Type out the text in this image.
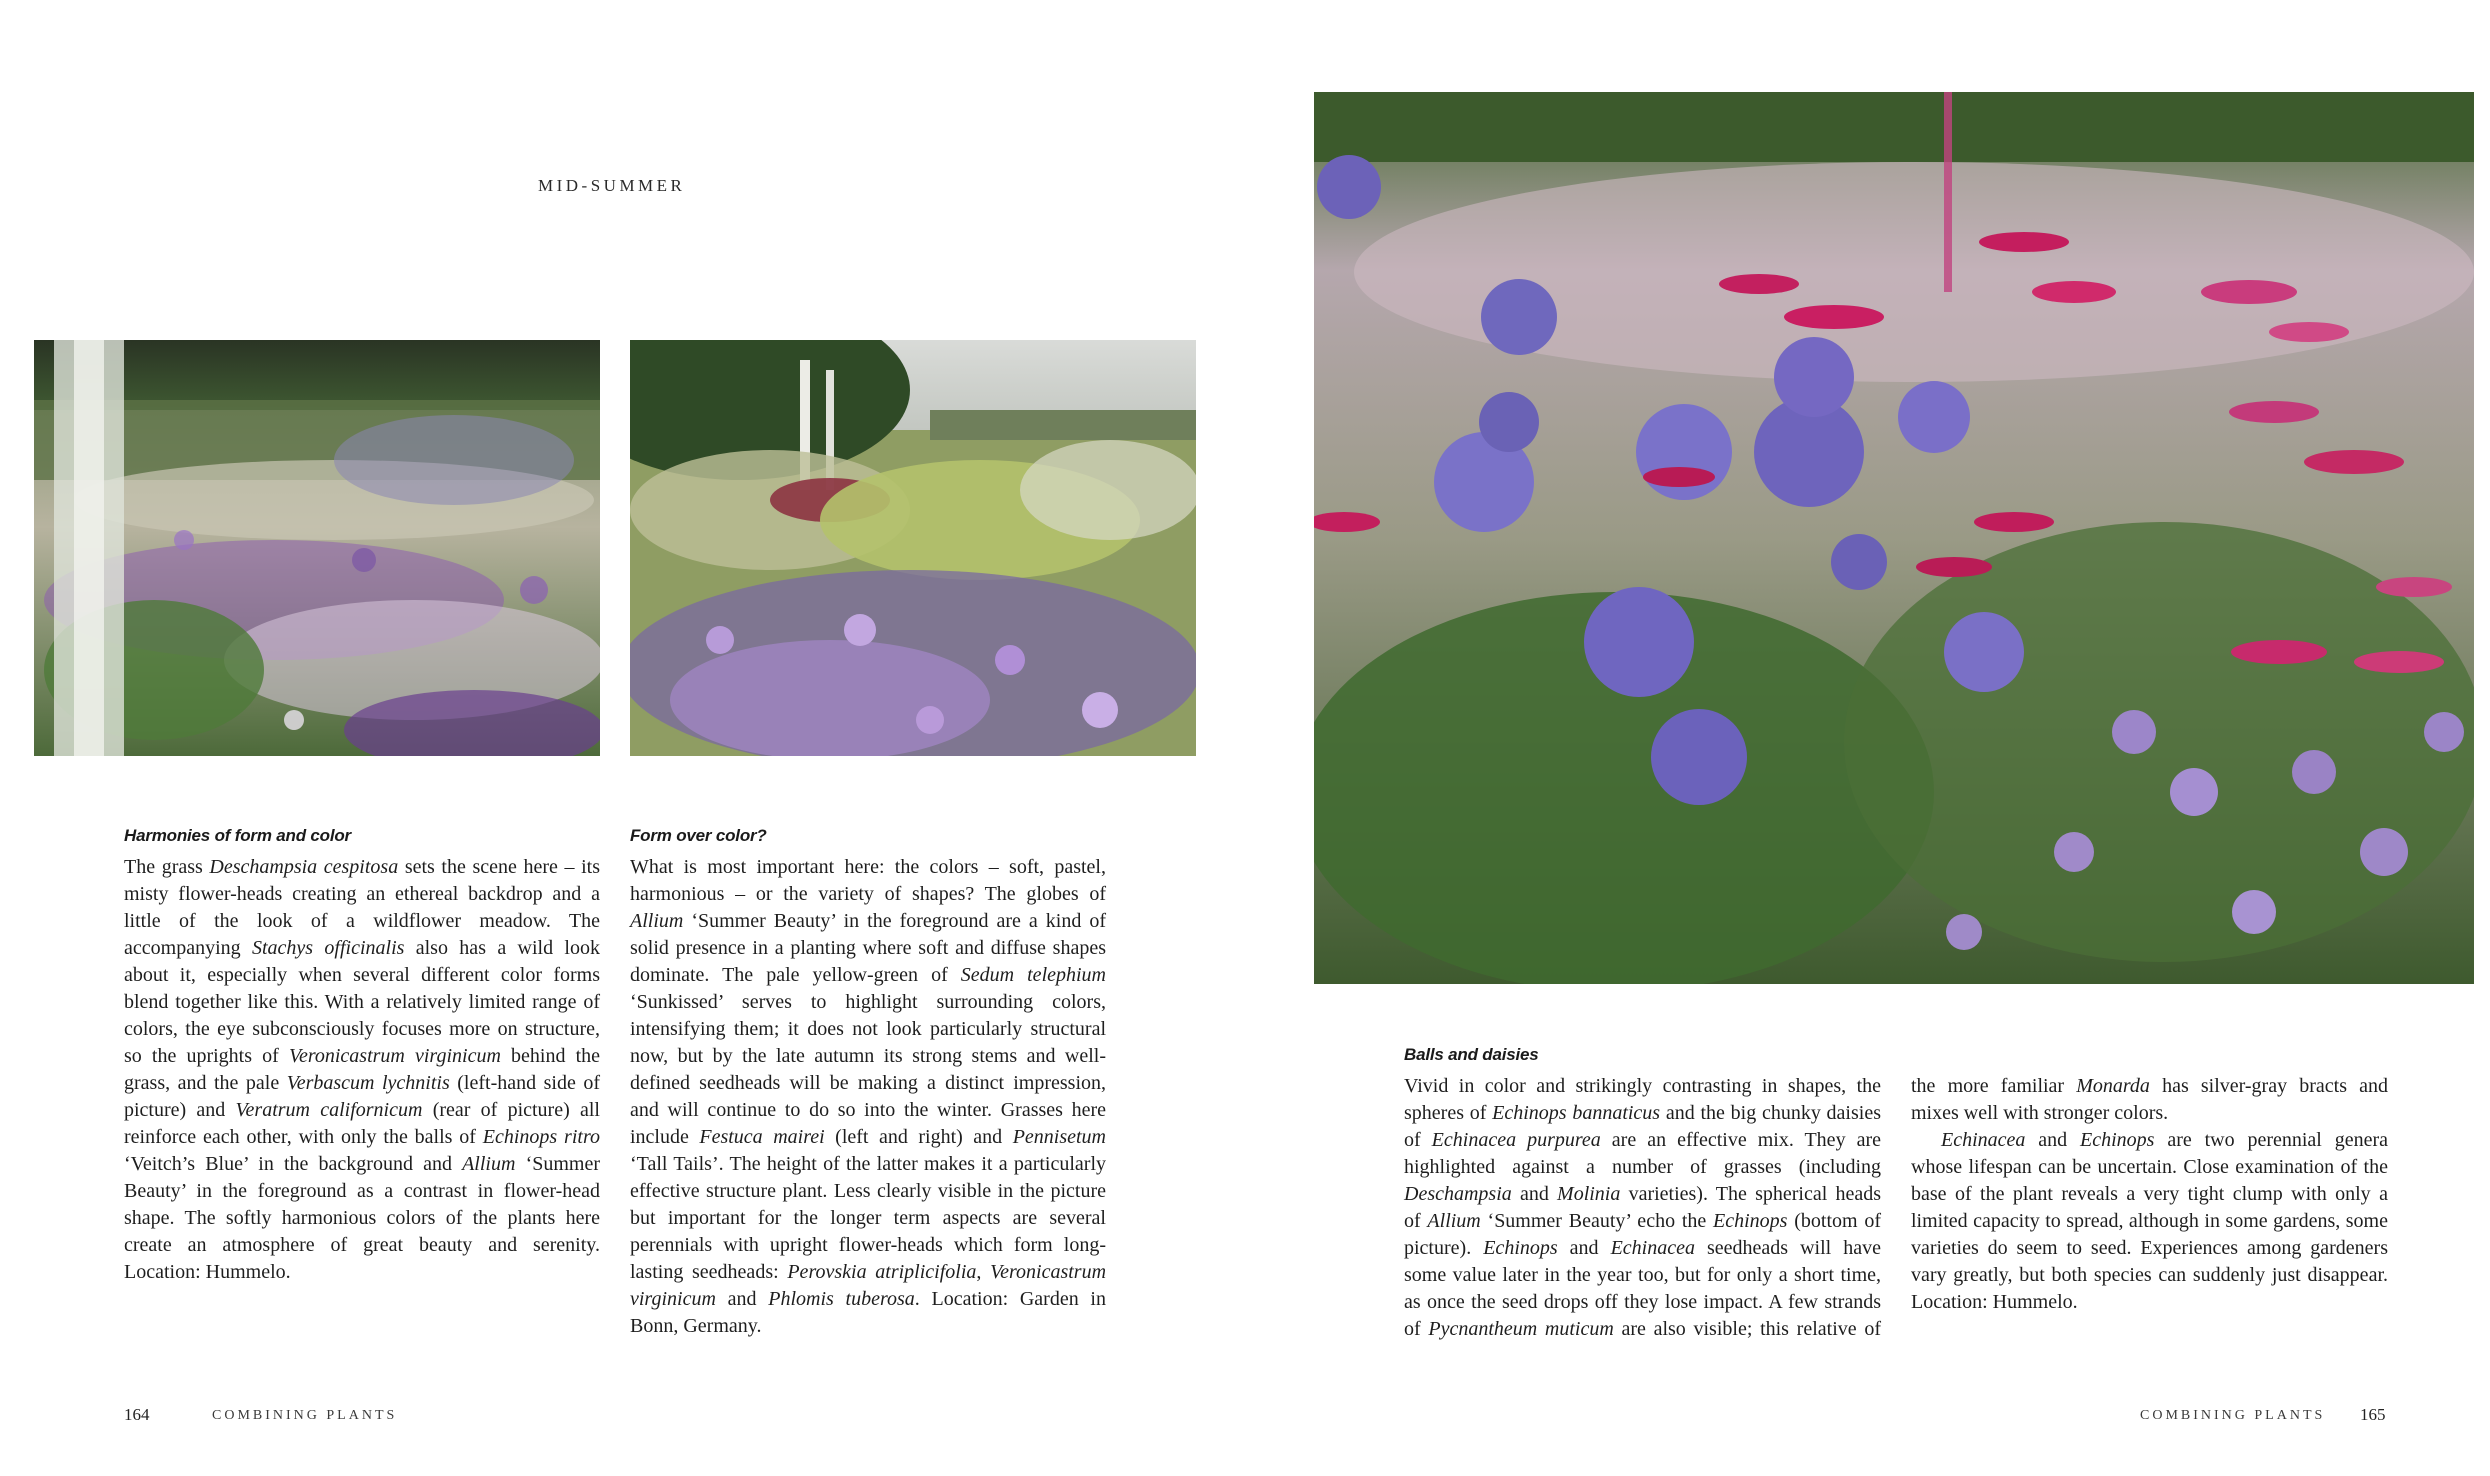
MID-SUMMER
Harmonies of form and color

The grass Deschampsia cespitosa sets the scene here – its misty flower-heads creating an ethereal backdrop and a little of the look of a wildflower meadow. The accompanying Stachys officinalis also has a wild look about it, especially when several different color forms blend together like this. With a relatively limited range of colors, the eye subconsciously focuses more on structure, so the uprights of Veronicastrum virginicum behind the grass, and the pale Verbascum lychnitis (left-hand side of picture) and Veratrum californicum (rear of picture) all reinforce each other, with only the balls of Echinops ritro ‘Veitch’s Blue’ in the background and Allium ‘Summer Beauty’ in the foreground as a contrast in flower-head shape. The softly harmonious colors of the plants here create an atmosphere of great beauty and serenity. Location: Hummelo.

Form over color?

What is most important here: the colors – soft, pastel, harmonious – or the variety of shapes? The globes of Allium ‘Summer Beauty’ in the foreground are a kind of solid presence in a planting where soft and diffuse shapes dominate. The pale yellow-green of Sedum telephium ‘Sunkissed’ serves to highlight surrounding colors, intensifying them; it does not look particularly structural now, but by the late autumn its strong stems and well-defined seedheads will be making a distinct impression, and will continue to do so into the winter. Grasses here include Festuca mairei (left and right) and Pennisetum ‘Tall Tails’. The height of the latter makes it a particularly effective structure plant. Less clearly visible in the picture but important for the longer term aspects are several perennials with upright flower-heads which form long-lasting seedheads: Perovskia atriplicifolia, Veronicastrum virginicum and Phlomis tuberosa. Location: Garden in Bonn, Germany.

Balls and daisies

Vivid in color and strikingly contrasting in shapes, the spheres of Echinops bannaticus and the big chunky daisies of Echinacea purpurea are an effective mix. They are highlighted against a number of grasses (including Deschampsia and Molinia varieties). The spherical heads of Allium ‘Summer Beauty’ echo the Echinops (bottom of picture). Echinops and Echinacea seedheads will have some value later in the year too, but for only a short time, as once the seed drops off they lose impact. A few strands of Pycnantheum muticum are also visible; this relative of the more familiar Monarda has silver-gray bracts and mixes well with stronger colors.

Echinacea and Echinops are two perennial genera whose lifespan can be uncertain. Close examination of the base of the plant reveals a very tight clump with only a limited capacity to spread, although in some gardens, some varieties do seem to seed. Experiences among gardeners vary greatly, but both species can suddenly just disappear. Location: Hummelo.

164	COMBINING PLANTS	COMBINING PLANTS 165
